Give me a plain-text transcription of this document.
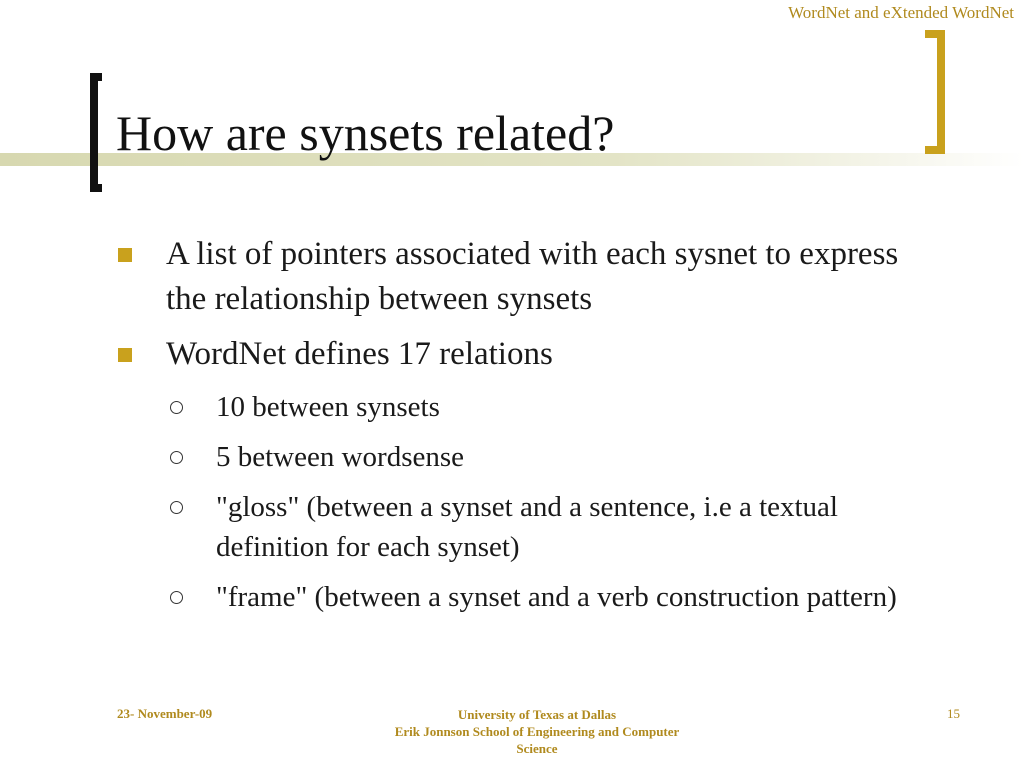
WordNet and eXtended WordNet
How are synsets related?
A list of pointers associated with each sysnet to express the relationship between synsets
WordNet defines 17 relations
10 between synsets
5 between wordsense
"gloss" (between a synset and a sentence, i.e a textual definition for each synset)
"frame" (between a synset and a verb construction pattern)
23- November-09	University of Texas at Dallas
Erik Jonnson School of Engineering and Computer Science
15
